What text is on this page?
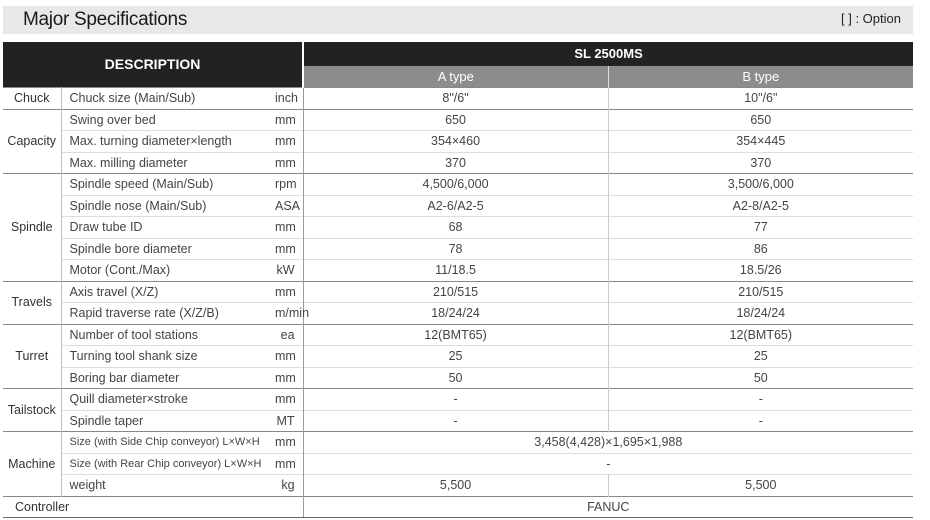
Major Specifications	[ ] : Option
DESCRIPTION			SL 2500MS	
			A type	B type
Chuck	Chuck size (Main/Sub)	inch	8"/6"	10"/6"
Capacity	Swing over bed	mm	650	650
	Max. turning diameter×length	mm	354×460	354×445
	Max. milling diameter	mm	370	370
Spindle	Spindle speed (Main/Sub)	rpm	4,500/6,000	3,500/6,000
	Spindle nose (Main/Sub)	ASA	A2-6/A2-5	A2-8/A2-5
	Draw tube ID	mm	68	77
	Spindle bore diameter	mm	78	86
	Motor (Cont./Max)	kW	11/18.5	18.5/26
Travels	Axis travel (X/Z)	mm	210/515	210/515
	Rapid traverse rate (X/Z/B)	m/min	18/24/24	18/24/24
Turret	Number of tool stations	ea	12(BMT65)	12(BMT65)
	Turning tool shank size	mm	25	25
	Boring bar diameter	mm	50	50
Tailstock	Quill diameter×stroke	mm	-	-
	Spindle taper	MT	-	-
Machine	Size (with Side Chip conveyor) L×W×H	mm	3,458(4,428)×1,695×1,988	
	Size (with Rear Chip conveyor) L×W×H	mm	-	
	weight	kg	5,500	5,500
Controller			FANUC	
